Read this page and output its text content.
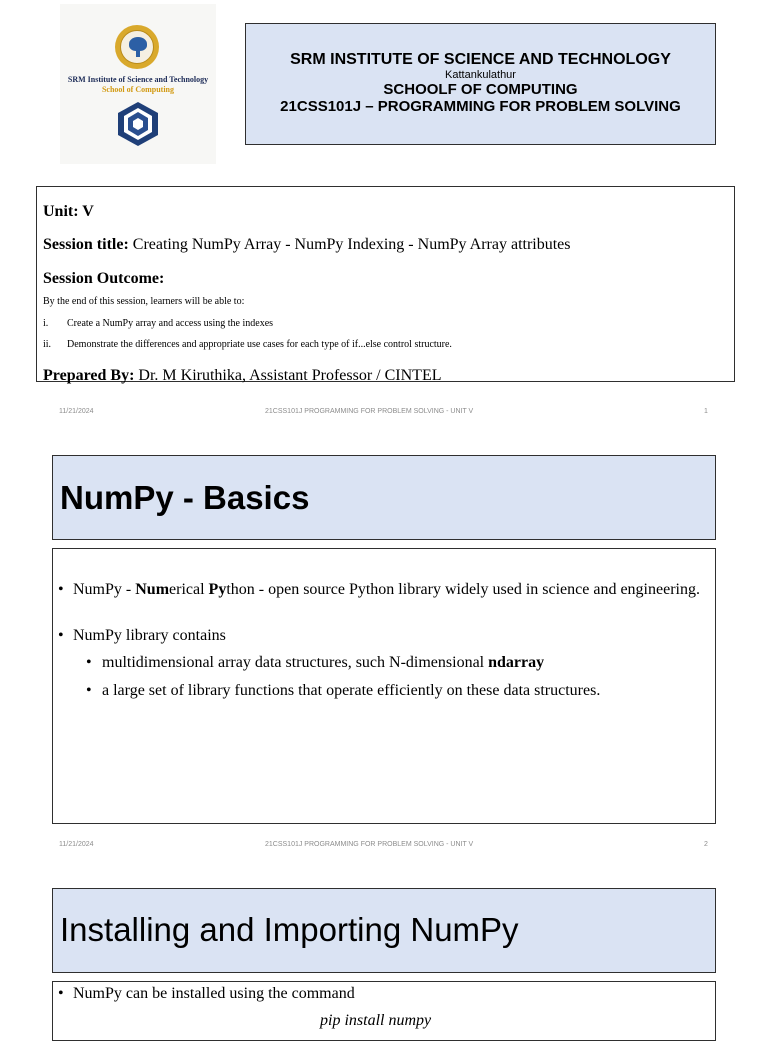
SRM Institute of Science and Technology
School of Computing
SRM INSTITUTE OF SCIENCE AND TECHNOLOGY
Kattankulathur
SCHOOLF OF COMPUTING
21CSS101J – PROGRAMMING FOR PROBLEM SOLVING
Unit: V
Session title: Creating NumPy Array - NumPy Indexing - NumPy Array attributes
Session Outcome:
By the end of this session, learners will be able to:
i. Create a NumPy array and access using the indexes
ii. Demonstrate the differences and appropriate use cases for each type of if...else control structure.
Prepared By: Dr. M Kiruthika, Assistant Professor / CINTEL
11/21/2024	21CSS101J PROGRAMMING FOR PROBLEM SOLVING - UNIT V	1
NumPy - Basics
• NumPy - Numerical Python - open source Python library widely used in science and engineering.
• NumPy library contains
• multidimensional array data structures, such N-dimensional ndarray
• a large set of library functions that operate efficiently on these data structures.
11/21/2024	21CSS101J PROGRAMMING FOR PROBLEM SOLVING - UNIT V	2
Installing and Importing NumPy
• NumPy can be installed using the command
pip install numpy
